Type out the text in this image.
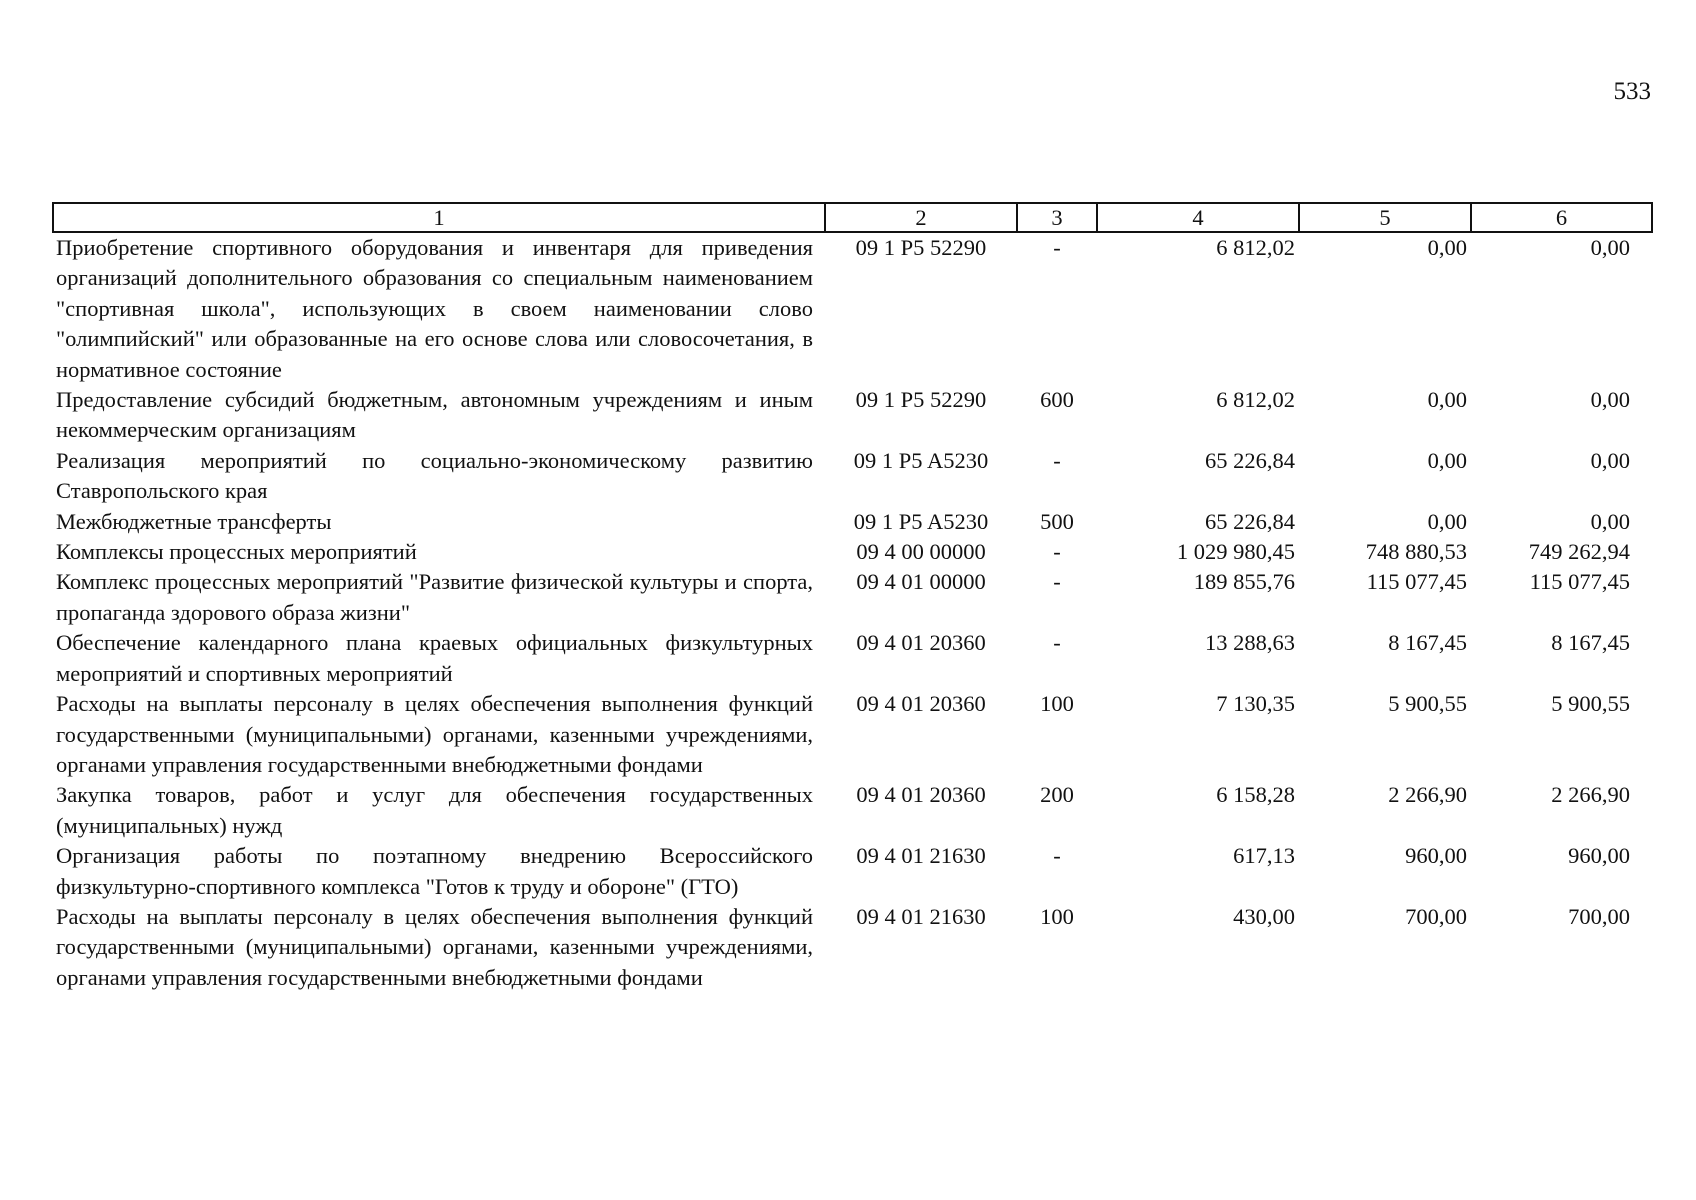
533
1	2	3	4	5	6
Приобретение спортивного оборудования и инвентаря для приведения организаций дополнительного образования со специальным наименованием "спортивная школа", использующих в своем наименовании слово "олимпийский" или образованные на его основе слова или словосочетания, в нормативное состояние	09 1 P5 52290	-	6 812,02	0,00	0,00
Предоставление субсидий бюджетным, автономным учреждениям и иным некоммерческим организациям	09 1 P5 52290	600	6 812,02	0,00	0,00
Реализация мероприятий по социально-экономическому развитию Ставропольского края	09 1 P5 A5230	-	65 226,84	0,00	0,00
Межбюджетные трансферты	09 1 P5 A5230	500	65 226,84	0,00	0,00
Комплексы процессных мероприятий	09 4 00 00000	-	1 029 980,45	748 880,53	749 262,94
Комплекс процессных мероприятий "Развитие физической культуры и спорта, пропаганда здорового образа жизни"	09 4 01 00000	-	189 855,76	115 077,45	115 077,45
Обеспечение календарного плана краевых официальных физкультурных мероприятий и спортивных мероприятий	09 4 01 20360	-	13 288,63	8 167,45	8 167,45
Расходы на выплаты персоналу в целях обеспечения выполнения функций государственными (муниципальными) органами, казенными учреждениями, органами управления государственными внебюджетными фондами	09 4 01 20360	100	7 130,35	5 900,55	5 900,55
Закупка товаров, работ и услуг для обеспечения государственных (муниципальных) нужд	09 4 01 20360	200	6 158,28	2 266,90	2 266,90
Организация работы по поэтапному внедрению Всероссийского физкультурно-спортивного комплекса "Готов к труду и обороне" (ГТО)	09 4 01 21630	-	617,13	960,00	960,00
Расходы на выплаты персоналу в целях обеспечения выполнения функций государственными (муниципальными) органами, казенными учреждениями, органами управления государственными внебюджетными фондами	09 4 01 21630	100	430,00	700,00	700,00
